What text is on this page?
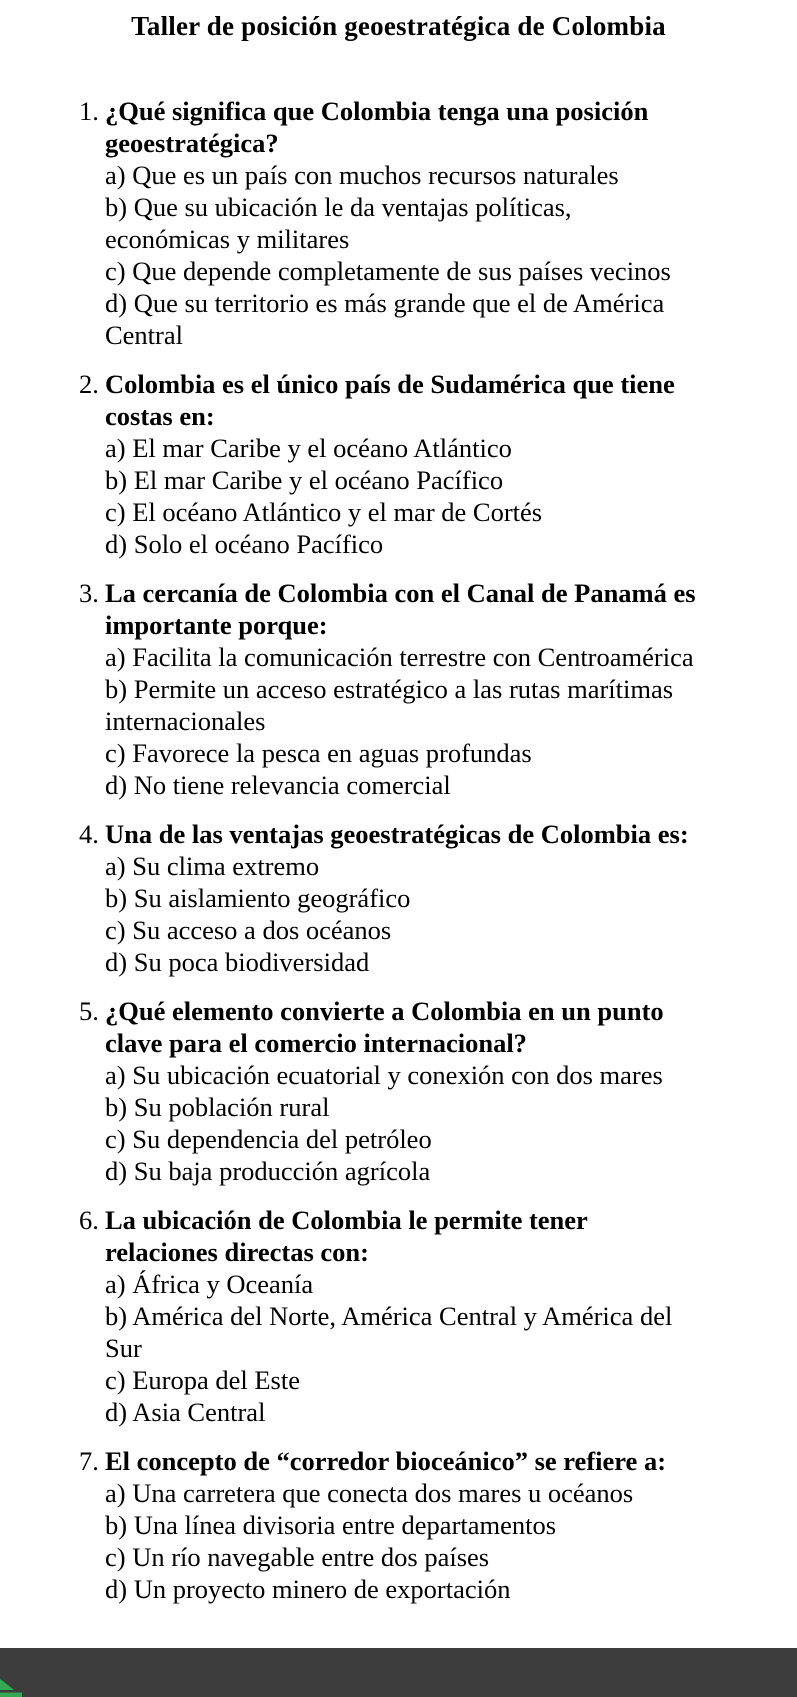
Taller de posición geoestratégica de Colombia
1. ¿Qué significa que Colombia tenga una posición
geoestratégica?
a) Que es un país con muchos recursos naturales
b) Que su ubicación le da ventajas políticas,
económicas y militares
c) Que depende completamente de sus países vecinos
d) Que su territorio es más grande que el de América
Central
2. Colombia es el único país de Sudamérica que tiene
costas en:
a) El mar Caribe y el océano Atlántico
b) El mar Caribe y el océano Pacífico
c) El océano Atlántico y el mar de Cortés
d) Solo el océano Pacífico
3. La cercanía de Colombia con el Canal de Panamá es
importante porque:
a) Facilita la comunicación terrestre con Centroamérica
b) Permite un acceso estratégico a las rutas marítimas
internacionales
c) Favorece la pesca en aguas profundas
d) No tiene relevancia comercial
4. Una de las ventajas geoestratégicas de Colombia es:
a) Su clima extremo
b) Su aislamiento geográfico
c) Su acceso a dos océanos
d) Su poca biodiversidad
5. ¿Qué elemento convierte a Colombia en un punto
clave para el comercio internacional?
a) Su ubicación ecuatorial y conexión con dos mares
b) Su población rural
c) Su dependencia del petróleo
d) Su baja producción agrícola
6. La ubicación de Colombia le permite tener
relaciones directas con:
a) África y Oceanía
b) América del Norte, América Central y América del
Sur
c) Europa del Este
d) Asia Central
7. El concepto de “corredor bioceánico” se refiere a:
a) Una carretera que conecta dos mares u océanos
b) Una línea divisoria entre departamentos
c) Un río navegable entre dos países
d) Un proyecto minero de exportación
